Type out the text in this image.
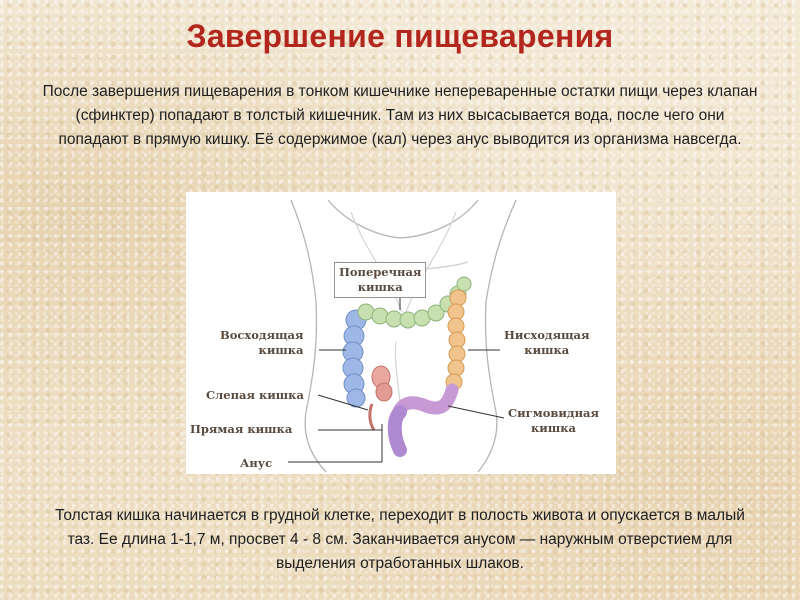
Завершение пищеварения
После завершения пищеварения в тонком кишечнике непереваренные остатки пищи через клапан (сфинктер) попадают в толстый кишечник. Там из них высасывается вода, после чего они попадают в прямую кишку. Её содержимое (кал) через анус выводится из организма навсегда.
Поперечная
кишка
Восходящая
кишка
Слепая кишка
Прямая кишка
Анус
Нисходящая
кишка
Сигмовидная
кишка
Толстая кишка начинается в грудной клетке, переходит в полость живота и опускается в малый таз. Ее длина 1-1,7 м, просвет 4 - 8 см. Заканчивается анусом — наружным отверстием для выделения отработанных шлаков.
